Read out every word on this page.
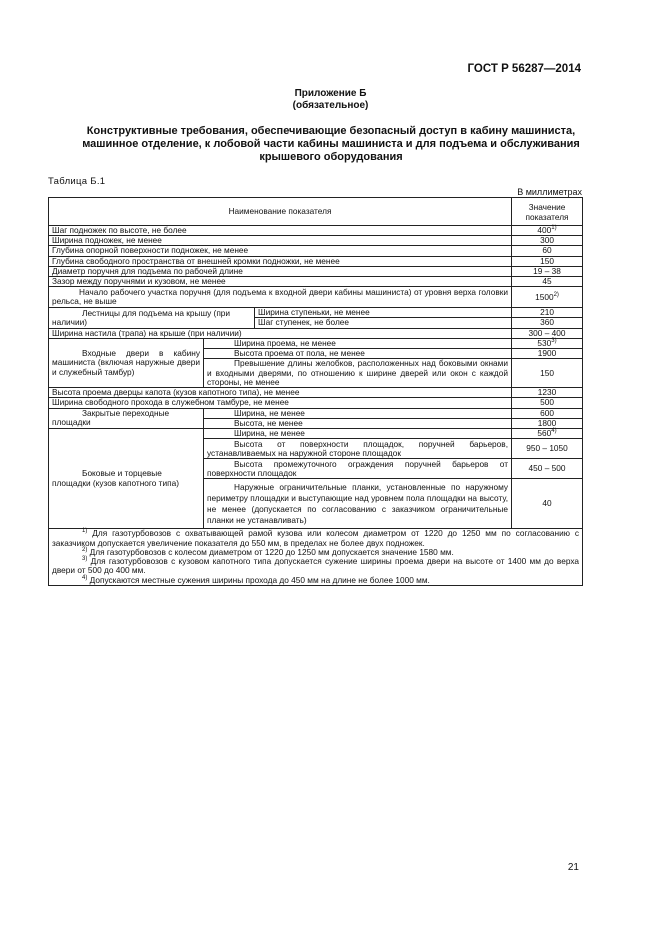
ГОСТ Р 56287—2014
Приложение Б
(обязательное)
Конструктивные требования, обеспечивающие безопасный доступ в кабину машиниста,
машинное отделение, к лобовой части кабины машиниста и для подъема и обслуживания
крышевого оборудования
Таблица Б.1
В миллиметрах
Наименование показателя			Значение показателя
Шаг подножек по высоте, не более			400$^{1)}$
Ширина подножек, не менее			300
Глубина опорной поверхности подножек, не менее			60
Глубина свободного пространства от внешней кромки подножки, не менее			150
Диаметр поручня для подъема по рабочей длине			19 – 38
Зазор между поручнями и кузовом, не менее			45
Начало рабочего участка поручня (для подъема к входной двери кабины машиниста) от уровня верха головки рельса, не выше			1500$^{2)}$
Лестницы для подъема на крышу (при наличии)		Ширина ступеньки, не менее	210
		Шаг ступенек, не более	360
Ширина настила (трапа) на крыше (при наличии)			300 – 400
Входные двери в кабину машиниста (включая наружные двери и служебный тамбур)	Ширина проема, не менее		530$^{3)}$
	Высота проема от пола, не менее		1900
	Превышение длины желобков, расположенных над боковыми окнами и входными дверями, по отношению к ширине дверей или окон с каждой стороны, не менее		150
Высота проема дверцы капота (кузов капотного типа), не менее			1230
Ширина свободного прохода в служебном тамбуре, не менее			500
Закрытые переходные площадки	Ширина, не менее		600
	Высота, не менее		1800
Боковые и торцевые площадки (кузов капотного типа)	Ширина, не менее		560$^{4)}$
	Высота от поверхности площадок, поручней барьеров, устанавливаемых на наружной стороне площадок		950 – 1050
	Высота промежуточного ограждения поручней барьеров от поверхности площадок		450 – 500
	Наружные ограничительные планки, установленные по наружному периметру площадки и выступающие над уровнем пола площадки на высоту, не менее (допускается по согласованию с заказчиком ограничительные планки не устанавливать)		40

$^{1)}$ Для газотурбовозов с охватывающей рамой кузова или колесом диаметром от 1220 до 1250 мм по согласованию с заказчиком допускается увеличение показателя до 550 мм, в пределах не более двух подножек.
$^{2)}$ Для газотурбовозов с колесом диаметром от 1220 до 1250 мм допускается значение 1580 мм.
$^{3)}$ Для газотурбовозов с кузовом капотного типа допускается сужение ширины проема двери на высоте от 1400 мм до верха двери от 500 до 400 мм.
$^{4)}$ Допускаются местные сужения ширины прохода до 450 мм на длине не более 1000 мм.			
21
